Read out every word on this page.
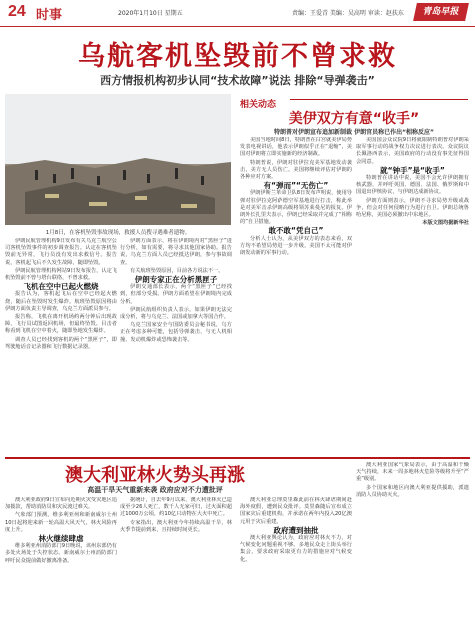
24 时事	2020年1月10日 星期五	责编：王爱青 美编：吴高明 审读：赵扶东	青岛早报
乌航客机坠毁前不曾求救
西方情报机构初步认同“技术故障”说法 排除“导弹袭击”
1月8日，在客机坠毁事故现场，救援人员搜寻遇难者遗物。

伊朗民航管理机构9日发布有关乌克兰航空公司客机坠毁事件的初步调查报告。认定在客机坠毁前无异常，飞行员没有发出求救信号。报告说，客机起飞后不久发生故障，随即坠毁。

伊朗民航管理机构网站9日发布报告，认定飞机坠毁前不曾与塔台联络，不曾求救。

飞机在空中已起火燃烧

报告认为，客机起飞后在空中已经起火燃烧，随后在坠毁时发生爆炸。航班坠毁原因将由伊朗方面负责主导调查，乌克兰方面派员参与。

报告称，飞机在离开机场约两分钟后出现故障，飞行员试图返回机场，但最终坠毁。目击者称看到飞机在空中着火，随即坠地发生爆炸。

调查人员已经找到客机的两个“黑匣子”，即驾驶舱话音记录器和飞行数据记录器。

伊朗方面表示，将在伊朗境内对“黑匣子”进行分析，如有需要，将寻求其他国家协助。报告说，乌克兰方面人员已经抵达伊朗，参与事故调查。

有关航班坠毁原因，目前各方说法不一。

伊朗专家正在分析黑匣子

伊朗交通部长表示，两个“黑匣子”已经找到，但部分受损。伊朗方面希望在伊朗境内完成分析。

伊朗民航组织负责人表示，如果伊朗无法完成分析，将与乌克兰、法国或加拿大等国合作。

乌克兰国家安全与国防委员会秘书说，乌方正在考虑多种可能，包括导弹袭击、与无人机相撞、发动机爆炸或恐怖袭击等。

相关动态
美伊双方有意“收手”
特朗普对伊朗宣布追加新制裁 伊朗官员称已作出“相称反应”

美国当地时间8日，特朗普在白宫就美伊局势发表电视讲话，他表示伊朗似乎正在“退缩”，美国对伊朗将立即实施新的经济制裁。

特朗普说，伊朗对驻伊拉克美军基地发动袭击，美方无人员伤亡。美国将继续评估对伊朗的各种应对方案。

有“弹而”“无伤亡”

伊朗伊斯兰革命卫队8日发布声明说，使用导弹对驻伊拉克阿萨德空军基地进行打击，称此举是对美军击杀伊朗高级将领苏莱曼尼的报复。伊朗外长扎里夫表示，伊朗已经采取并完成了“相称的”自卫措施。

敢不敢“凭自己”

分析人士认为，从美伊双方的表态来看，双方均不希望局势进一步升级，美国不太可能对伊朗发动新的军事行动。

美国国会众议院9日将就限制特朗普对伊朗采取军事行动的战争权力决议进行表决。众议院议长佩洛西表示，美国政府的行动没有事先征得国会同意。

就“钟手”是“收手”

特朗普在讲话中说，美国不会允许伊朗拥有核武器，并呼吁英国、德国、法国、俄罗斯和中国退出伊核协议，与伊朗达成新协议。

伊朗方面则表示，伊朗不寻求局势升级或战争，但会对任何侵略行为进行自卫。伊朗总统鲁哈尼称，美国必须撤出中东地区。

本版文图均据新华社

澳大利亚林火势头再涨
高温干旱天气重新来袭 政府应对不力遭批评

澳大利亚政府9日宣布向近期火灾受灾地区追加拨款，帮助消防员和灾民渡过难关。

气象部门预测，维多利亚州和新南威尔士州10日起将迎来新一轮高温大风天气，林火风险再度上升。

林火继续肆虐

维多利亚州消防部门9日晚说，该州东部仍有多处火场处于失控状态。新南威尔士州消防部门呼吁民众提前做好撤离准备。

据统计，自去年9月以来，澳大利亚林火已造成至少26人死亡，数千人无家可归，过火面积超过1000万公顷，约10亿只动物在大火中死亡。

专家指出，澳大利亚今年持续高温干旱，林火季节提前到来，且持续时间更长。

澳大利亚总理莫里森此前在林火肆虐期间赴海外度假，遭到民众批评。莫里森随后宣布成立国家灾后重建机构，并承诺在两年内投入20亿澳元用于灾后重建。

政府遭到抽批

澳大利亚舆论认为，政府应对林火不力，对气候变化问题重视不够。多地民众走上街头举行集会，要求政府采取更有力的措施应对气候变化。

澳大利亚国家气象局表示，由于高温和干燥天气持续，未来一周多地林火危险等级将升至“严重”级别。

多个国家和地区向澳大利亚提供援助，派遣消防人员协助灭火。
